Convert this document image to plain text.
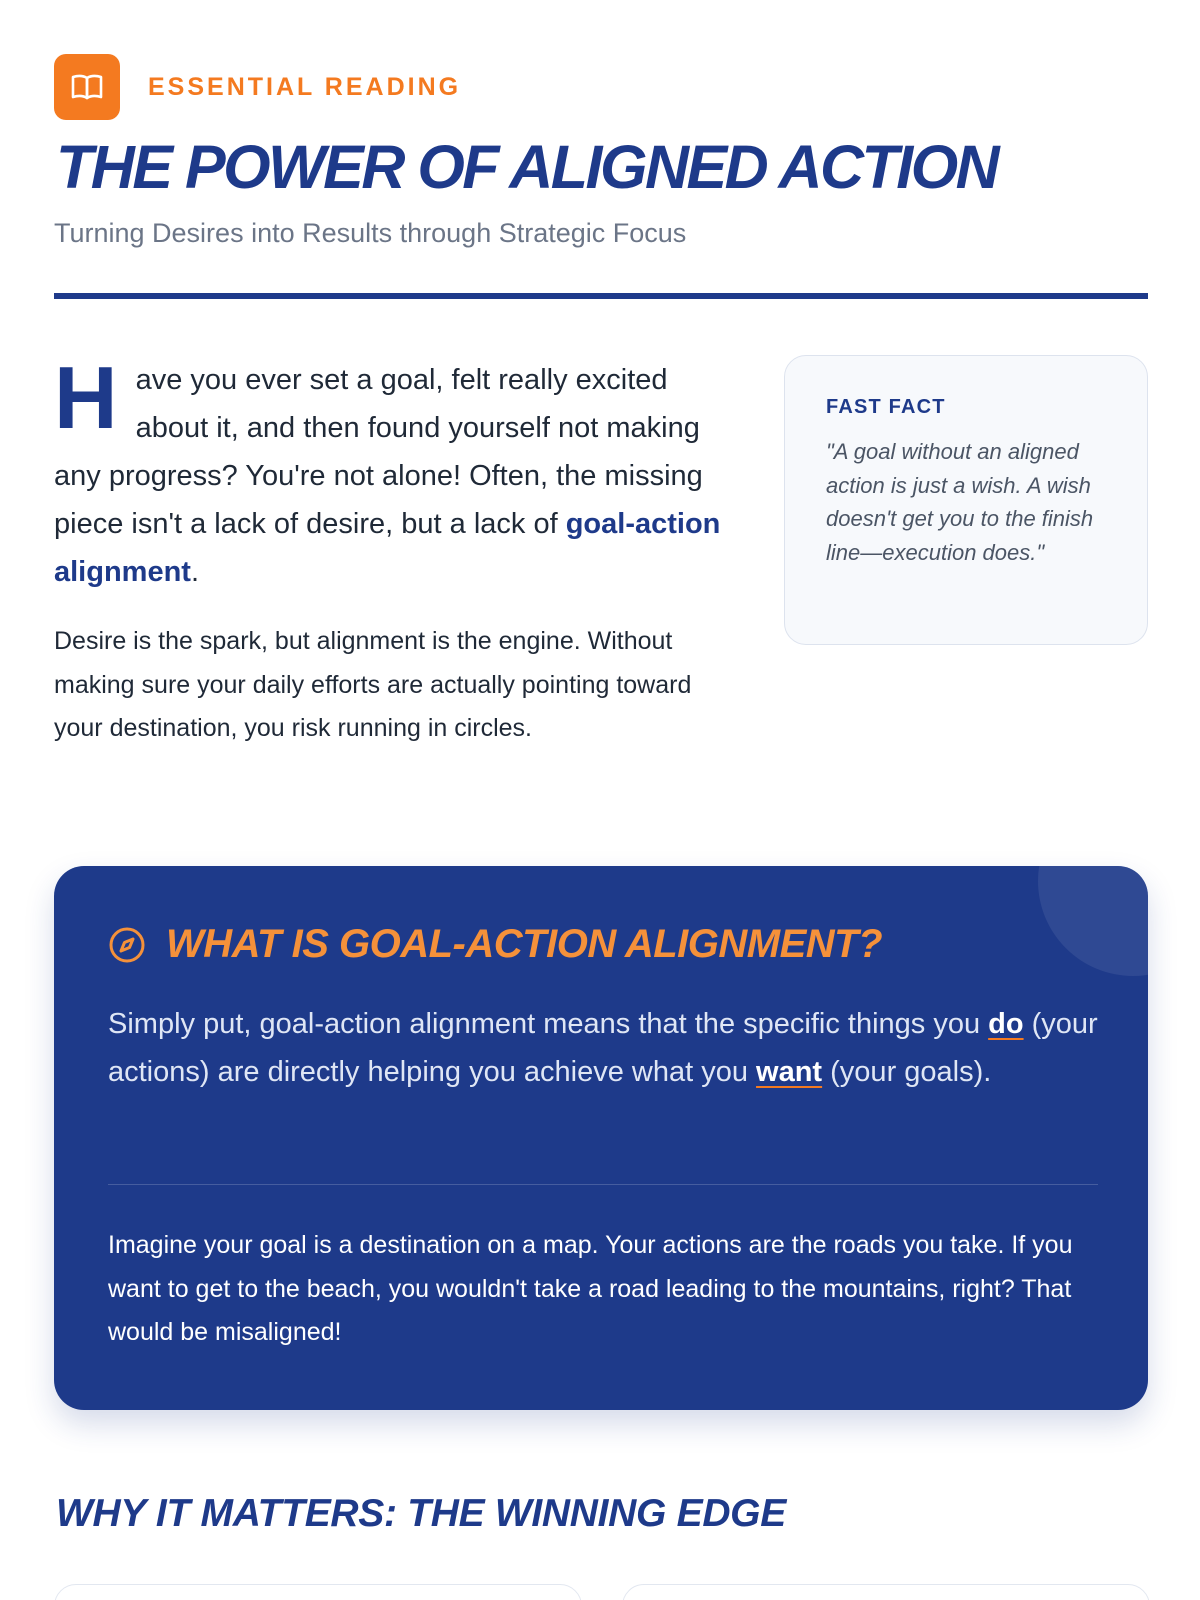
ESSENTIAL READING
THE POWER OF ALIGNED ACTION

Turning Desires into Results through Strategic Focus

Have you ever set a goal, felt really excited about it, and then found yourself not making any progress? You're not alone! Often, the missing piece isn't a lack of desire, but a lack of goal-action alignment.

Desire is the spark, but alignment is the engine. Without making sure your daily efforts are actually pointing toward your destination, you risk running in circles.

FAST FACT

"A goal without an aligned action is just a wish. A wish doesn't get you to the finish line—execution does."

WHAT IS GOAL-ACTION ALIGNMENT?

Simply put, goal-action alignment means that the specific things you do (your actions) are directly helping you achieve what you want (your goals).

Imagine your goal is a destination on a map. Your actions are the roads you take. If you want to get to the beach, you wouldn't take a road leading to the mountains, right? That would be misaligned!

WHY IT MATTERS: THE WINNING EDGE
